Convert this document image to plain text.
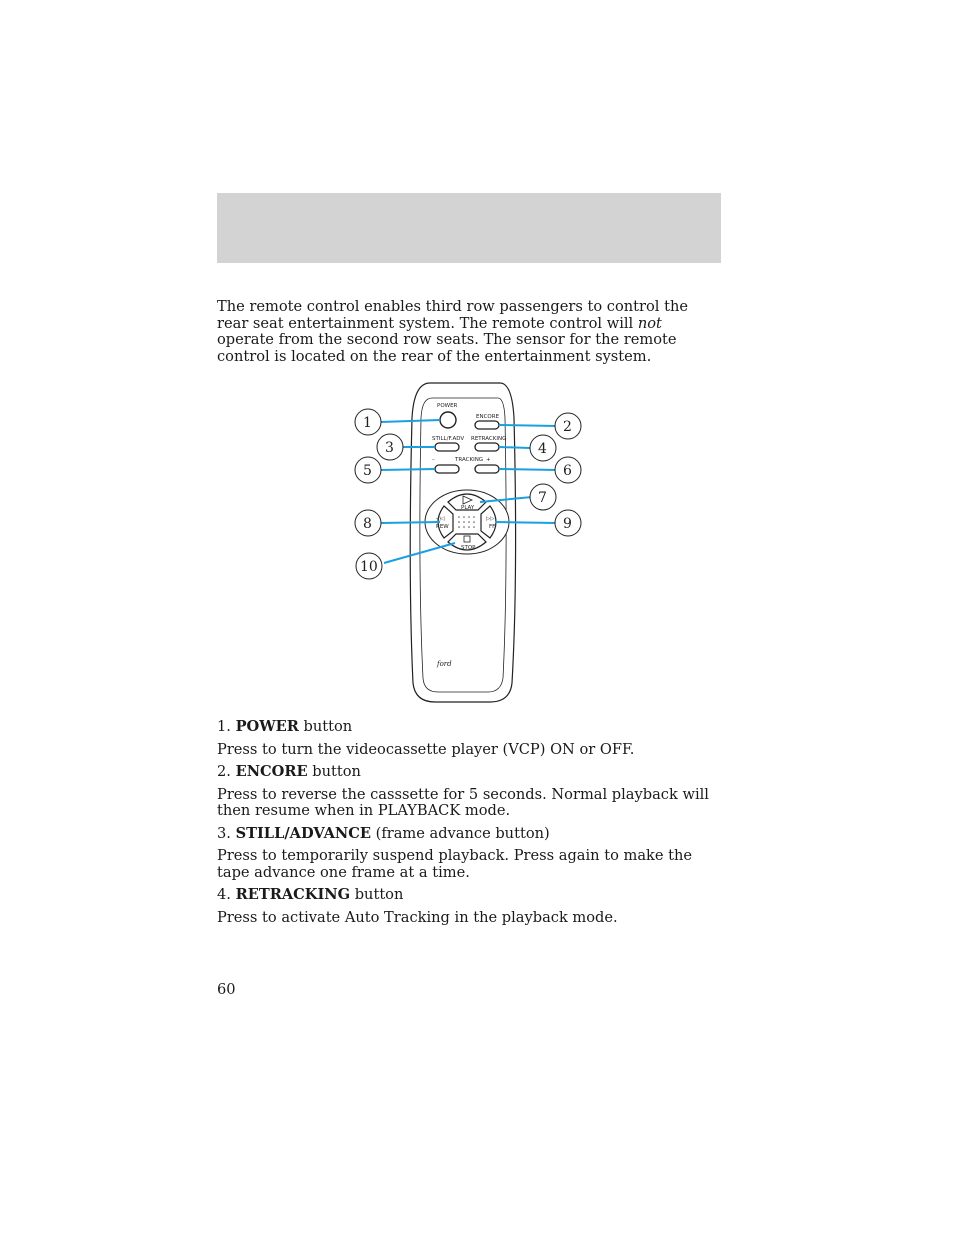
The remote control enables third row passengers to control the rear seat entertainment system. The remote control will not operate from the second row seats. The sensor for the remote control is located on the rear of the entertainment system.

POWER
ENCORE
STILL/F.ADV RETRACKING
–	TRACKING +
PLAY
◁◁
REW
▷▷
FF
STOP
ford
1	2
3	4
5	6
7
8	9
10

1. POWER button

Press to turn the videocassette player (VCP) ON or OFF.

2. ENCORE button

Press to reverse the casssette for 5 seconds. Normal playback will then resume when in PLAYBACK mode.

3. STILL/ADVANCE (frame advance button)

Press to temporarily suspend playback. Press again to make the tape advance one frame at a time.

4. RETRACKING button

Press to activate Auto Tracking in the playback mode.

60
